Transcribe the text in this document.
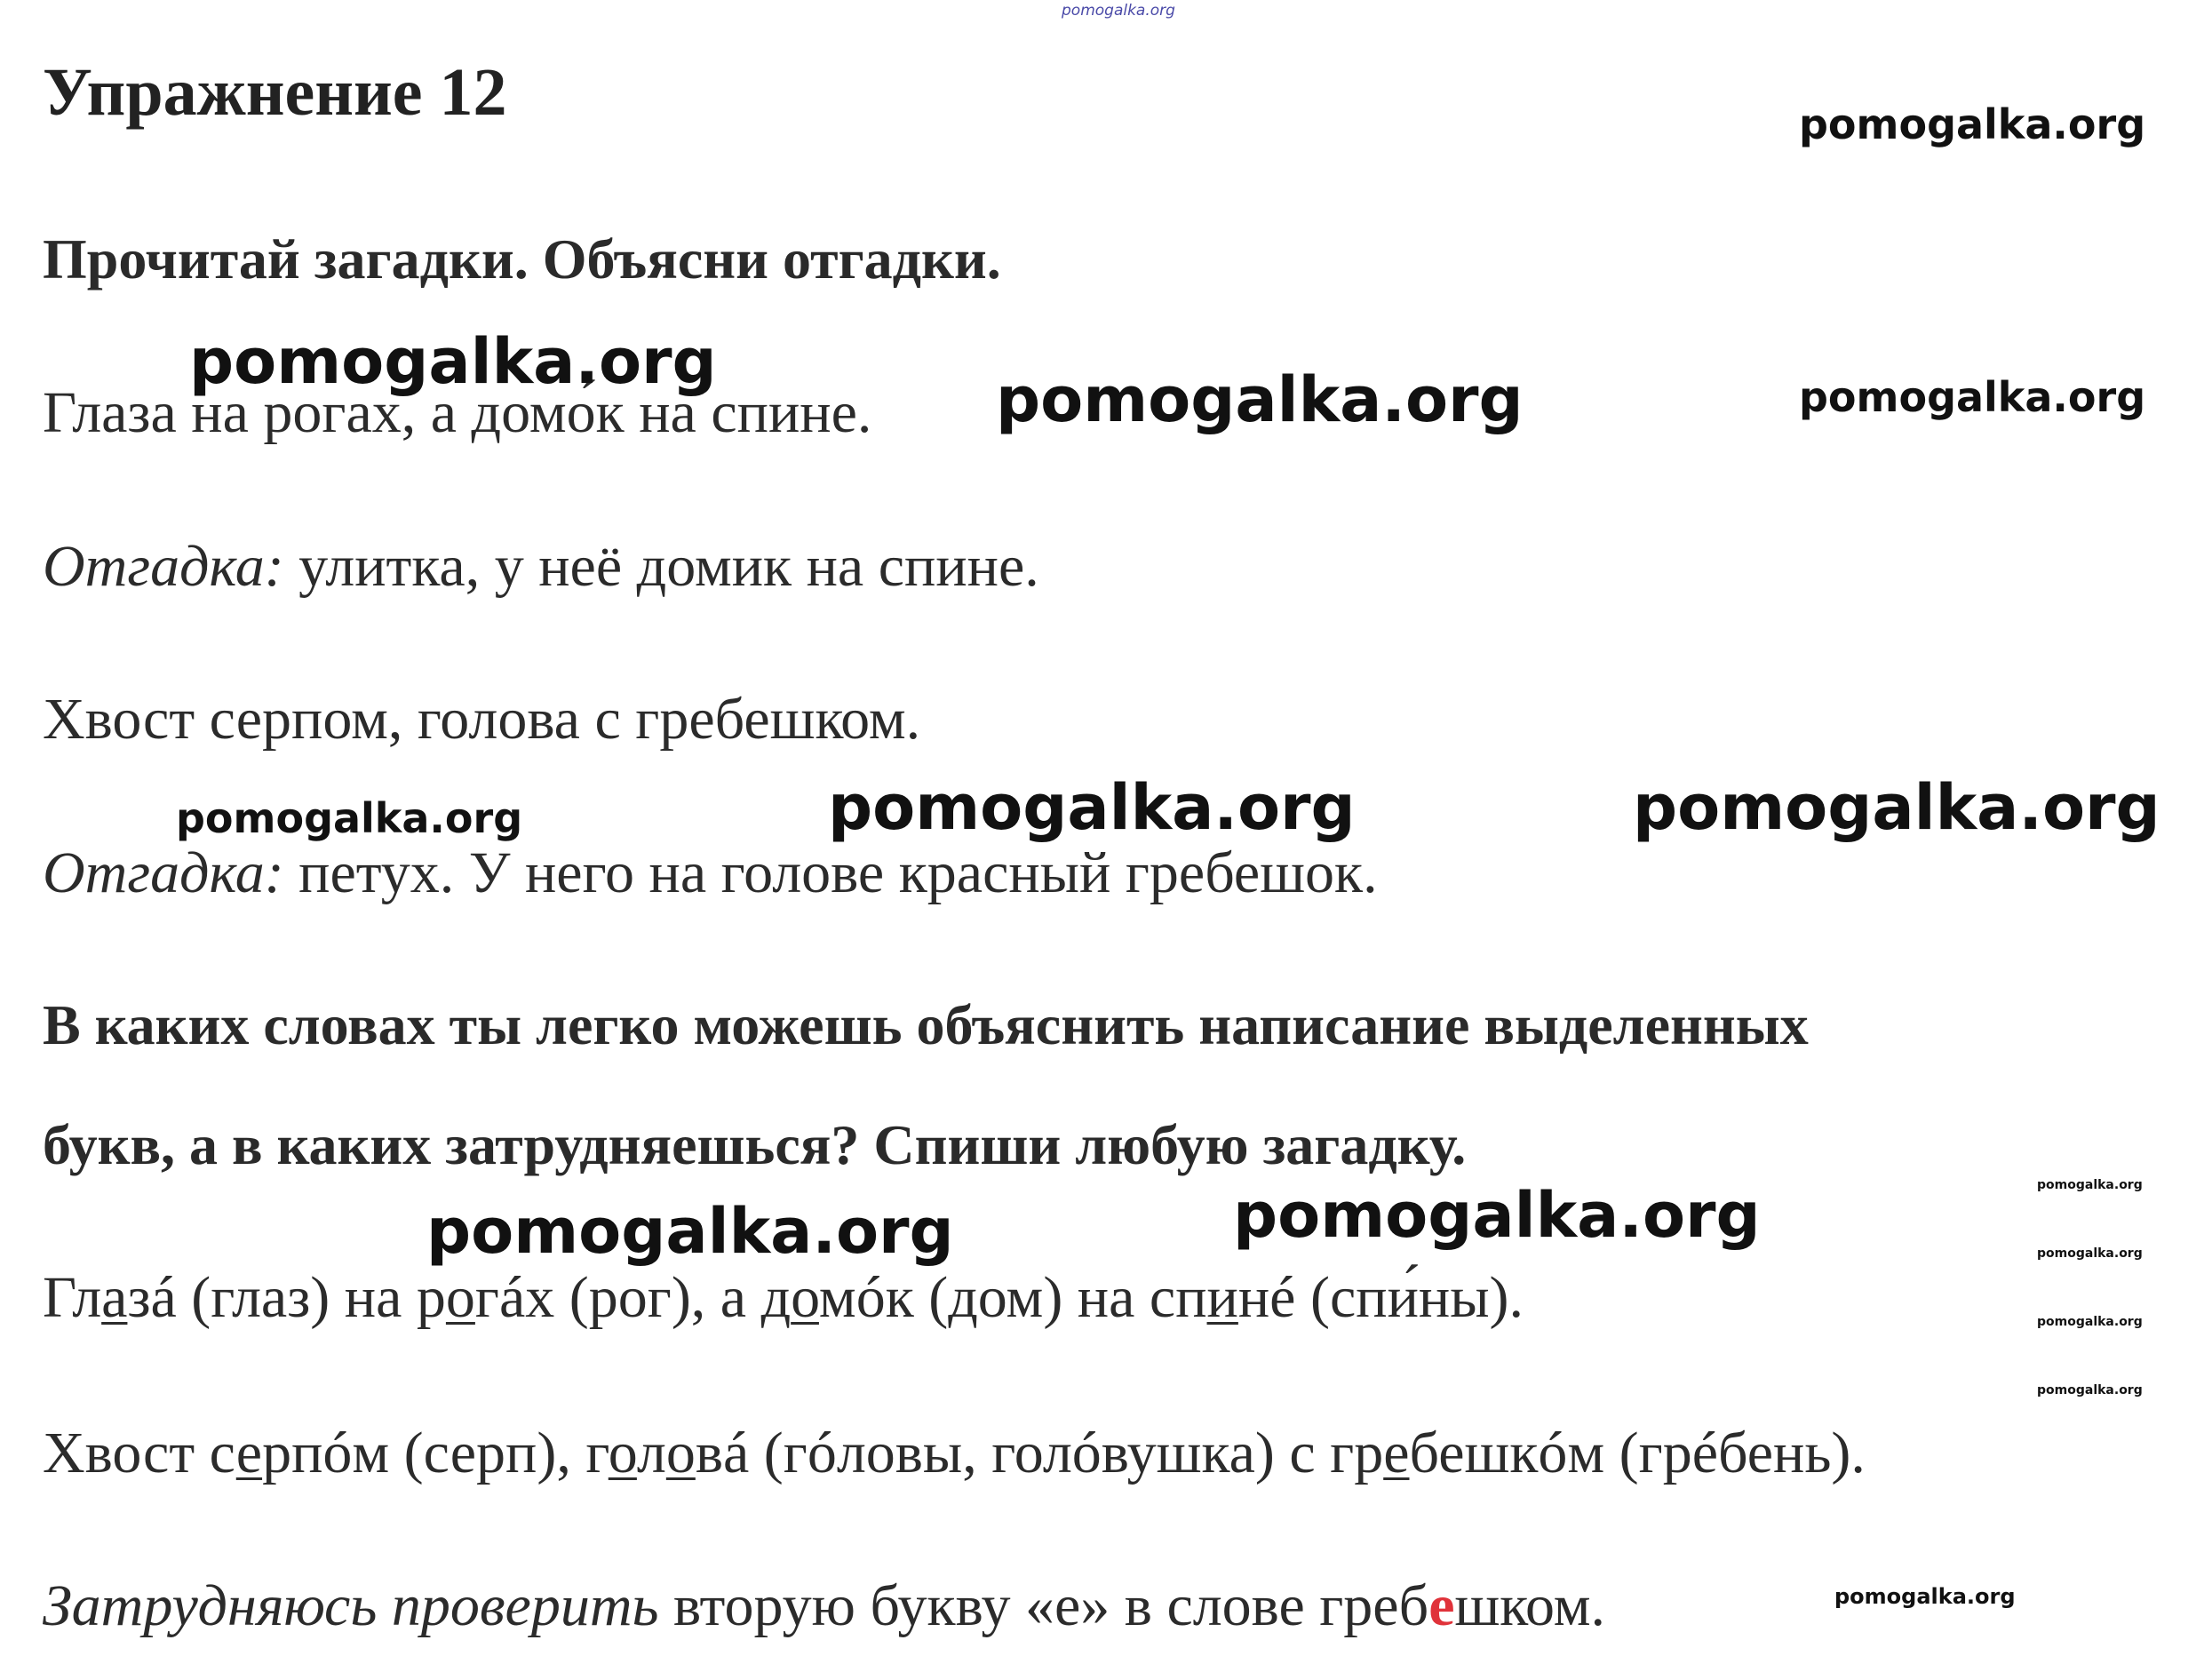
pomogalka.org
Упражнение 12
Прочитай загадки. Объясни отгадки.
Глаза на рогах, а домо́к на спине.
Отгадка: улитка, у неё домик на спине.
Хвост серпом, голова с гребешком.
Отгадка: петух. У него на голове красный гребешок.
В каких словах ты легко можешь объяснить написание выделенных
букв, а в каких затрудняешься? Спиши любую загадку.
Глазá (глаз) на рогáх (рог), а домóк (дом) на спинé (спи́ны).
Хвост серпóм (серп), головá (гóловы, голóвушка) с гребешкóм (грéбень).
Затрудняюсь проверить вторую букву «е» в слове гребешком.
pomogalka.org
pomogalka.org
pomogalka.org
pomogalka.org
pomogalka.org	pomogalka.org	pomogalka.org
pomogalka.org	pomogalka.org	pomogalka.org
pomogalka.org
pomogalka.org
pomogalka.org
pomogalka.org
